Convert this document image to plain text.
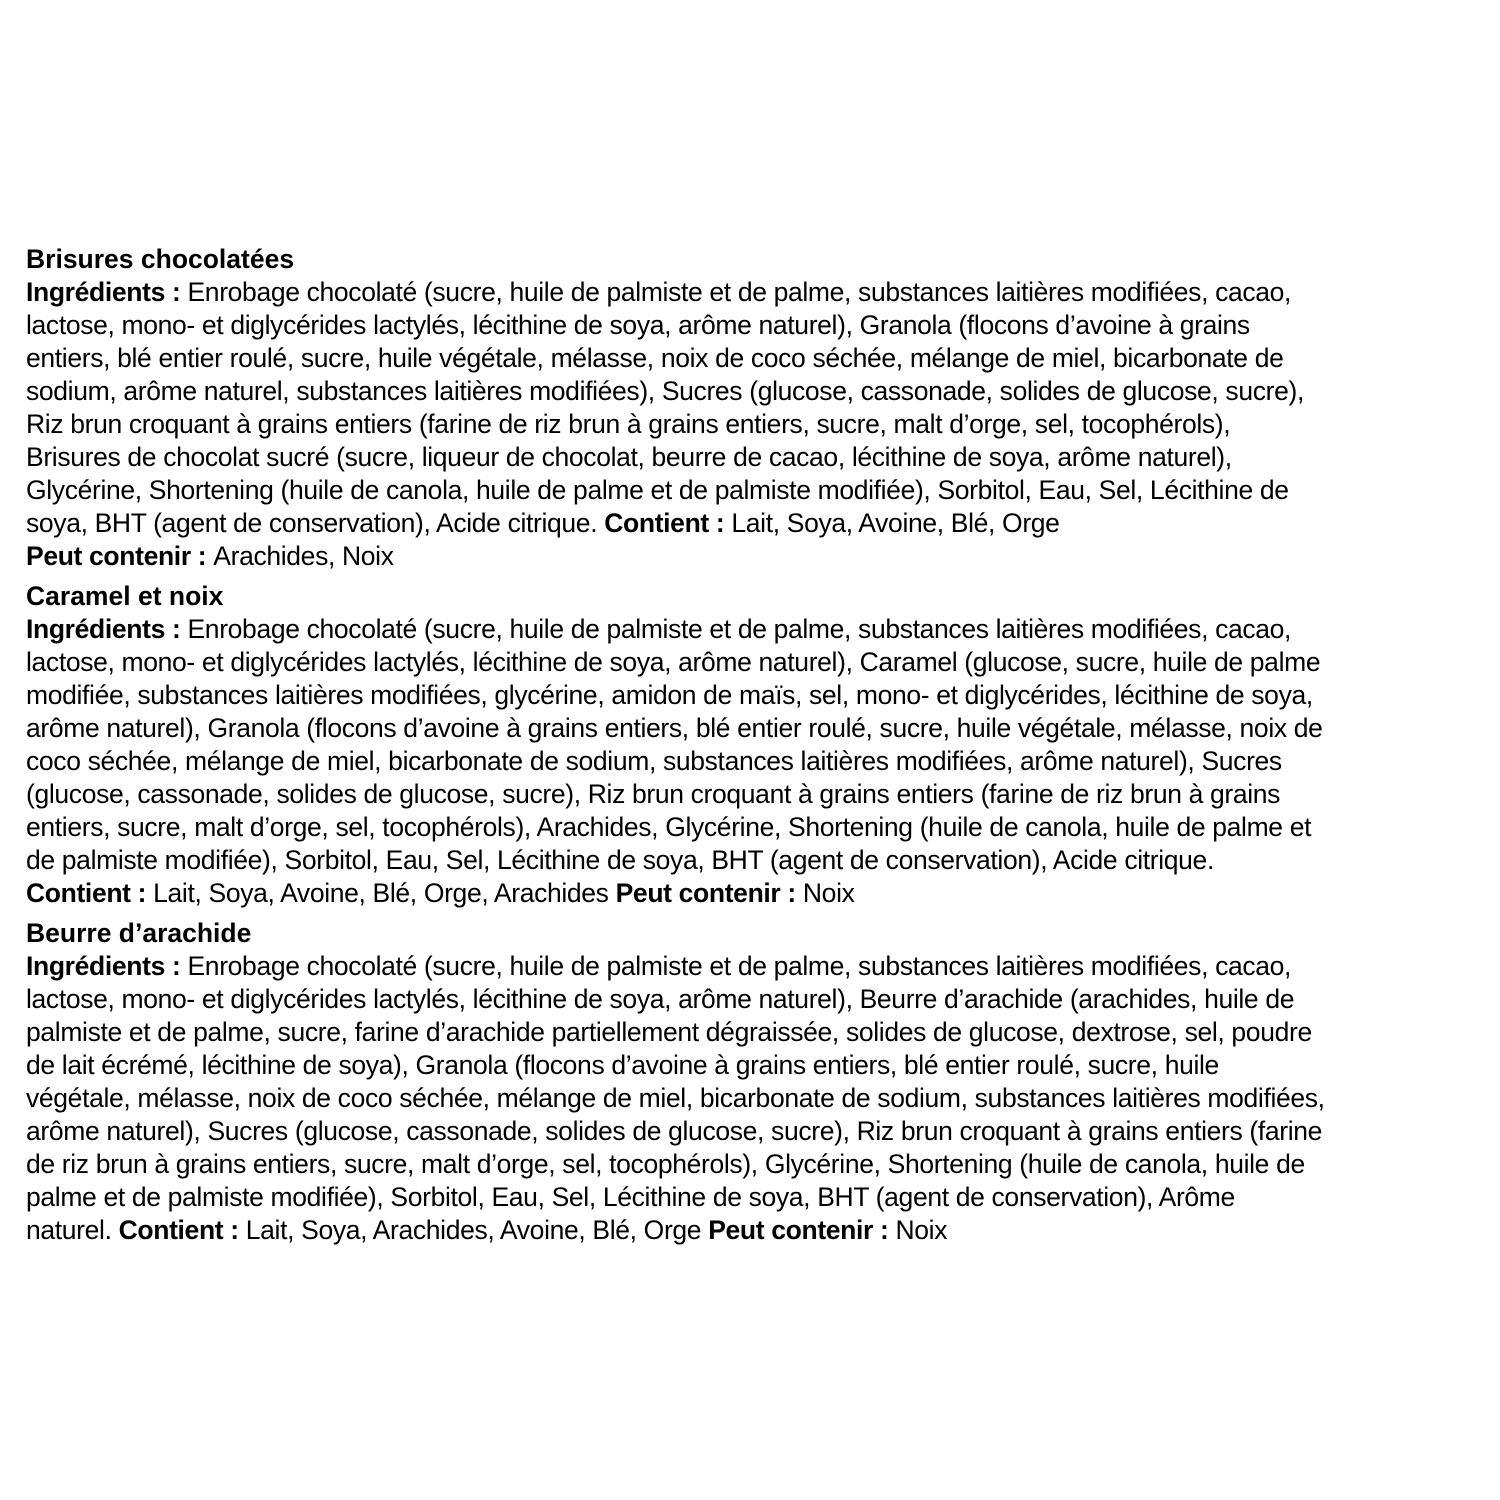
Brisures chocolatées
Ingrédients : Enrobage chocolaté (sucre, huile de palmiste et de palme, substances laitières modifiées, cacao,
lactose, mono- et diglycérides lactylés, lécithine de soya, arôme naturel), Granola (flocons d’avoine à grains
entiers, blé entier roulé, sucre, huile végétale, mélasse, noix de coco séchée, mélange de miel, bicarbonate de
sodium, arôme naturel, substances laitières modifiées), Sucres (glucose, cassonade, solides de glucose, sucre),
Riz brun croquant à grains entiers (farine de riz brun à grains entiers, sucre, malt d’orge, sel, tocophérols),
Brisures de chocolat sucré (sucre, liqueur de chocolat, beurre de cacao, lécithine de soya, arôme naturel),
Glycérine, Shortening (huile de canola, huile de palme et de palmiste modifiée), Sorbitol, Eau, Sel, Lécithine de
soya, BHT (agent de conservation), Acide citrique. Contient : Lait, Soya, Avoine, Blé, Orge
Peut contenir : Arachides, Noix
Caramel et noix
Ingrédients : Enrobage chocolaté (sucre, huile de palmiste et de palme, substances laitières modifiées, cacao,
lactose, mono- et diglycérides lactylés, lécithine de soya, arôme naturel), Caramel (glucose, sucre, huile de palme
modifiée, substances laitières modifiées, glycérine, amidon de maïs, sel, mono- et diglycérides, lécithine de soya,
arôme naturel), Granola (flocons d’avoine à grains entiers, blé entier roulé, sucre, huile végétale, mélasse, noix de
coco séchée, mélange de miel, bicarbonate de sodium, substances laitières modifiées, arôme naturel), Sucres
(glucose, cassonade, solides de glucose, sucre), Riz brun croquant à grains entiers (farine de riz brun à grains
entiers, sucre, malt d’orge, sel, tocophérols), Arachides, Glycérine, Shortening (huile de canola, huile de palme et
de palmiste modifiée), Sorbitol, Eau, Sel, Lécithine de soya, BHT (agent de conservation), Acide citrique.
Contient : Lait, Soya, Avoine, Blé, Orge, Arachides Peut contenir : Noix
Beurre d’arachide
Ingrédients : Enrobage chocolaté (sucre, huile de palmiste et de palme, substances laitières modifiées, cacao,
lactose, mono- et diglycérides lactylés, lécithine de soya, arôme naturel), Beurre d’arachide (arachides, huile de
palmiste et de palme, sucre, farine d’arachide partiellement dégraissée, solides de glucose, dextrose, sel, poudre
de lait écrémé, lécithine de soya), Granola (flocons d’avoine à grains entiers, blé entier roulé, sucre, huile
végétale, mélasse, noix de coco séchée, mélange de miel, bicarbonate de sodium, substances laitières modifiées,
arôme naturel), Sucres (glucose, cassonade, solides de glucose, sucre), Riz brun croquant à grains entiers (farine
de riz brun à grains entiers, sucre, malt d’orge, sel, tocophérols), Glycérine, Shortening (huile de canola, huile de
palme et de palmiste modifiée), Sorbitol, Eau, Sel, Lécithine de soya, BHT (agent de conservation), Arôme
naturel. Contient : Lait, Soya, Arachides, Avoine, Blé, Orge Peut contenir : Noix
